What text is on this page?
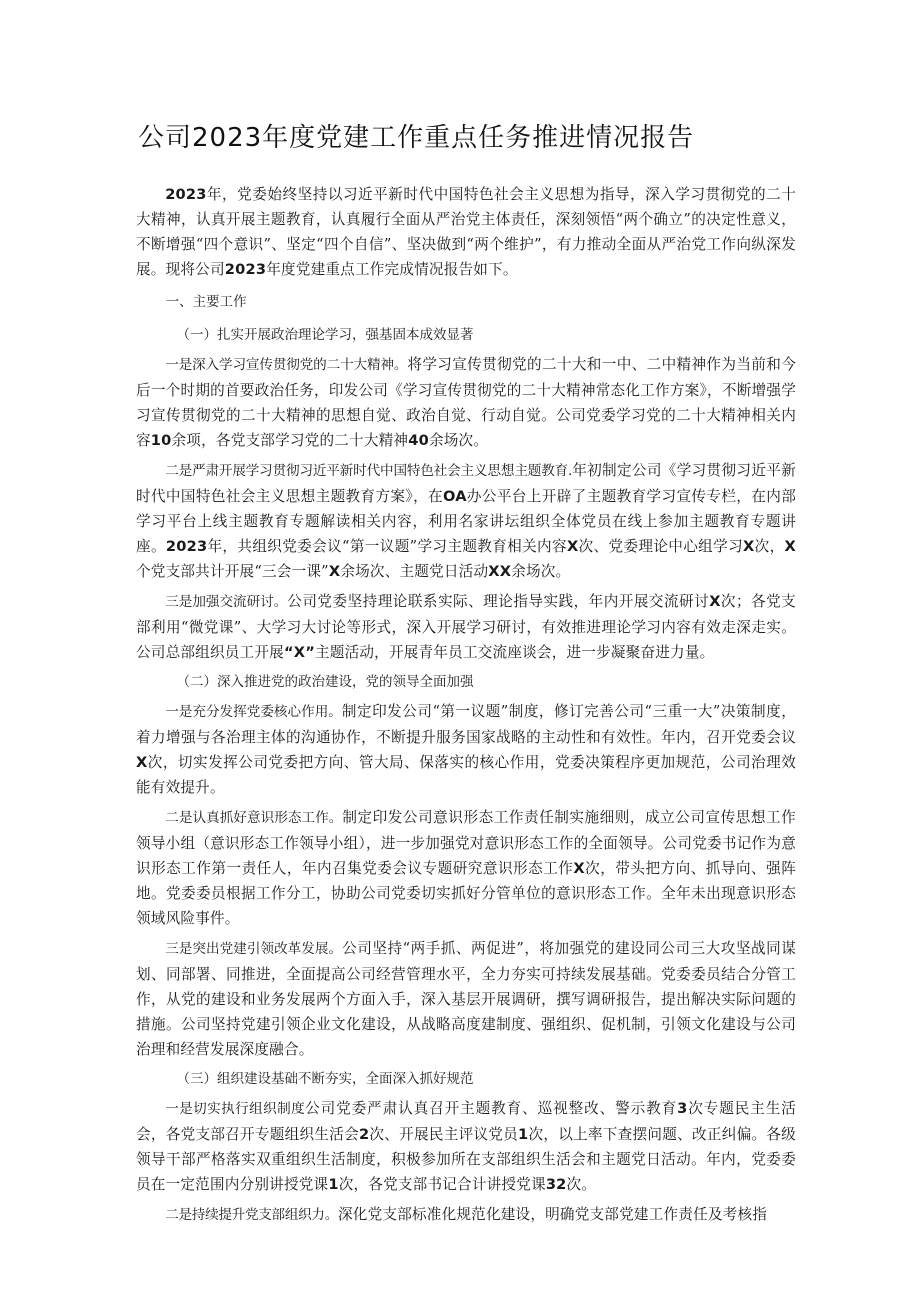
公司2023年度党建工作重点任务推进情况报告

2023年，党委始终坚持以习近平新时代中国特色社会主义思想为指导，深入学习贯彻党的二十大精神，认真开展主题教育，认真履行全面从严治党主体责任，深刻领悟“两个确立”的决定性意义，不断增强“四个意识”、坚定“四个自信”、坚决做到“两个维护”，有力推动全面从严治党工作向纵深发展。现将公司2023年度党建重点工作完成情况报告如下。

一、主要工作
（一）扎实开展政治理论学习，强基固本成效显著

一是深入学习宣传贯彻党的二十大精神。将学习宣传贯彻党的二十大和一中、二中精神作为当前和今后一个时期的首要政治任务，印发公司《学习宣传贯彻党的二十大精神常态化工作方案》，不断增强学习宣传贯彻党的二十大精神的思想自觉、政治自觉、行动自觉。公司党委学习党的二十大精神相关内容10余项，各党支部学习党的二十大精神40余场次。

二是严肃开展学习贯彻习近平新时代中国特色社会主义思想主题教育.年初制定公司《学习贯彻习近平新时代中国特色社会主义思想主题教育方案》，在OA办公平台上开辟了主题教育学习宣传专栏，在内部学习平台上线主题教育专题解读相关内容，利用名家讲坛组织全体党员在线上参加主题教育专题讲座。2023年，共组织党委会议“第一议题”学习主题教育相关内容X次、党委理论中心组学习X次，X个党支部共计开展“三会一课”X余场次、主题党日活动XX余场次。

三是加强交流研讨。公司党委坚持理论联系实际、理论指导实践，年内开展交流研讨X次；各党支部利用“微党课”、大学习大讨论等形式，深入开展学习研讨，有效推进理论学习内容有效走深走实。公司总部组织员工开展“X”主题活动，开展青年员工交流座谈会，进一步凝聚奋进力量。

（二）深入推进党的政治建设，党的领导全面加强

一是充分发挥党委核心作用。制定印发公司“第一议题”制度，修订完善公司“三重一大”决策制度，着力增强与各治理主体的沟通协作，不断提升服务国家战略的主动性和有效性。年内，召开党委会议X次，切实发挥公司党委把方向、管大局、保落实的核心作用，党委决策程序更加规范，公司治理效能有效提升。

二是认真抓好意识形态工作。制定印发公司意识形态工作责任制实施细则，成立公司宣传思想工作领导小组（意识形态工作领导小组），进一步加强党对意识形态工作的全面领导。公司党委书记作为意识形态工作第一责任人，年内召集党委会议专题研究意识形态工作X次，带头把方向、抓导向、强阵地。党委委员根据工作分工，协助公司党委切实抓好分管单位的意识形态工作。全年未出现意识形态领域风险事件。

三是突出党建引领改革发展。公司坚持“两手抓、两促进”，将加强党的建设同公司三大攻坚战同谋划、同部署、同推进，全面提高公司经营管理水平，全力夯实可持续发展基础。党委委员结合分管工作，从党的建设和业务发展两个方面入手，深入基层开展调研，撰写调研报告，提出解决实际问题的措施。公司坚持党建引领企业文化建设，从战略高度建制度、强组织、促机制，引领文化建设与公司治理和经营发展深度融合。

（三）组织建设基础不断夯实，全面深入抓好规范

一是切实执行组织制度公司党委严肃认真召开主题教育、巡视整改、警示教育3次专题民主生活会，各党支部召开专题组织生活会2次、开展民主评议党员1次，以上率下查摆问题、改正纠偏。各级领导干部严格落实双重组织生活制度，积极参加所在支部组织生活会和主题党日活动。年内，党委委员在一定范围内分别讲授党课1次，各党支部书记合计讲授党课32次。

二是持续提升党支部组织力。深化党支部标准化规范化建设，明确党支部党建工作责任及考核指
